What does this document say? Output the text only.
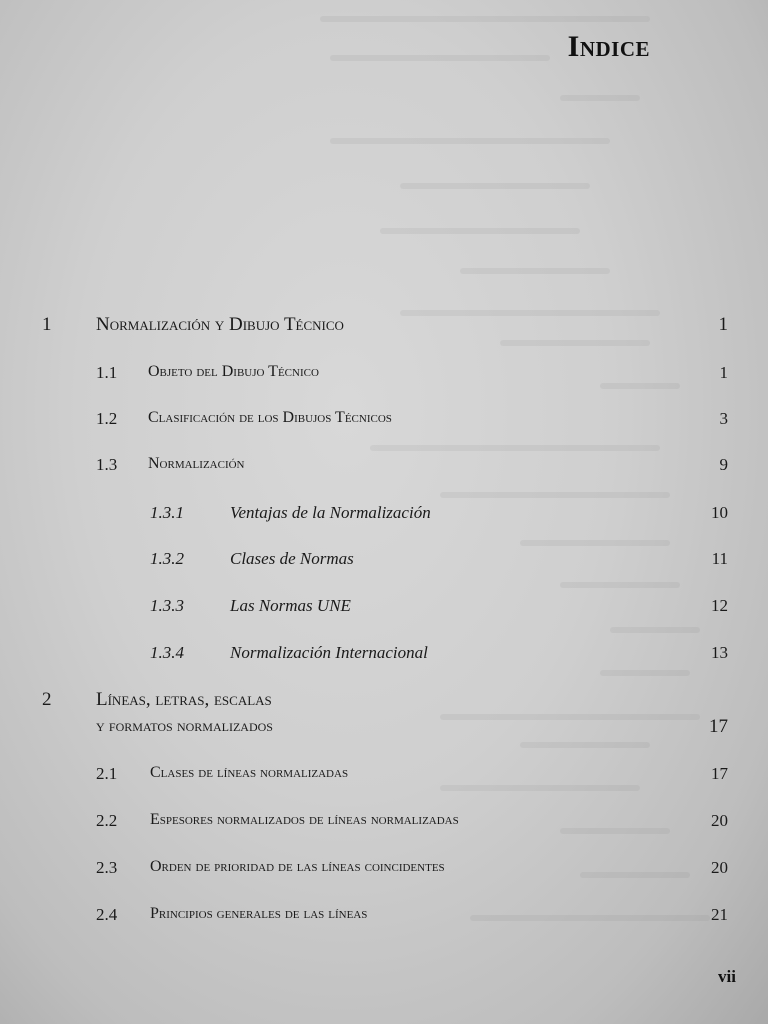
Indice
1 Normalización y Dibujo Técnico	1
1.1 Objeto del Dibujo Técnico	1
1.2 Clasificación de los Dibujos Técnicos	3
1.3 Normalización	9
1.3.1	Ventajas de la Normalización	10
1.3.2	Clases de Normas	11
1.3.3	Las Normas UNE	12
1.3.4	Normalización Internacional	13
2 Líneas, letras, escalas
y formatos normalizados	17
2.1 Clases de líneas normalizadas	17
2.2 Espesores normalizados de líneas normalizadas	20
2.3 Orden de prioridad de las líneas coincidentes	20
2.4 Principios generales de las líneas	21
vii
